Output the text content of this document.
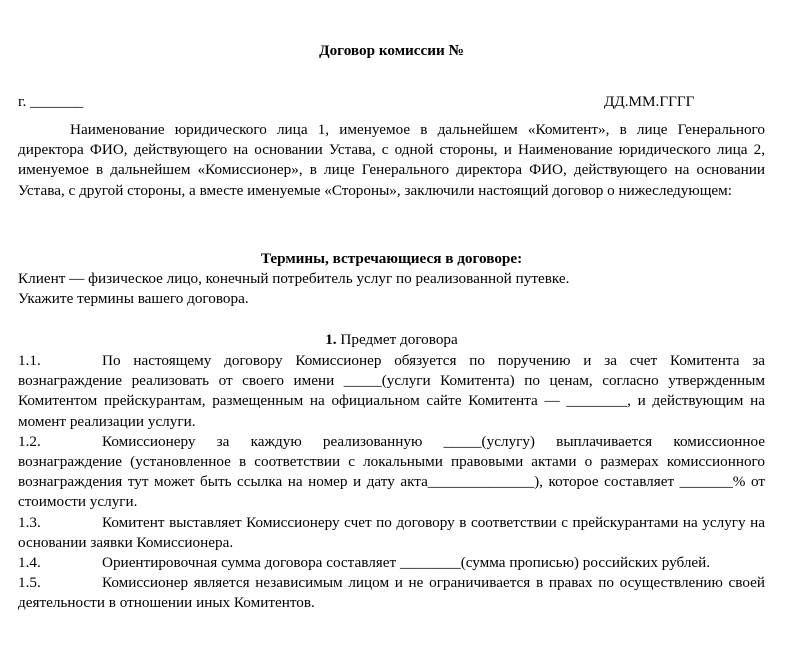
Договор комиссии №
г. _______	ДД.ММ.ГГГГ

Наименование юридического лица 1, именуемое в дальнейшем «Комитент», в лице Генерального директора ФИО, действующего на основании Устава, с одной стороны, и Наименование юридического лица 2, именуемое в дальнейшем «Комиссионер», в лице Генерального директора ФИО, действующего на основании Устава, с другой стороны, а вместе именуемые «Стороны», заключили настоящий договор о нижеследующем:

Термины, встречающиеся в договоре:
Клиент — физическое лицо, конечный потребитель услуг по реализованной путевке.
Укажите термины вашего договора.
1. Предмет договора

1.1.	По настоящему договору Комиссионер обязуется по поручению и за счет Комитента за вознаграждение реализовать от своего имени _____(услуги Комитента) по ценам, согласно утвержденным Комитентом прейскурантам, размещенным на официальном сайте Комитента — ________, и действующим на момент реализации услуги.

1.2.	Комиссионеру за каждую реализованную _____(услугу) выплачивается комиссионное вознаграждение (установленное в соответствии с локальными правовыми актами о размерах комиссионного вознаграждения тут может быть ссылка на номер и дату акта______________), которое составляет _______% от стоимости услуги.

1.3.	Комитент выставляет Комиссионеру счет по договору в соответствии с прейскурантами на услугу на основании заявки Комиссионера.

1.4.	Ориентировочная сумма договора составляет ________(сумма прописью) российских рублей.

1.5.	Комиссионер является независимым лицом и не ограничивается в правах по осуществлению своей деятельности в отношении иных Комитентов.
